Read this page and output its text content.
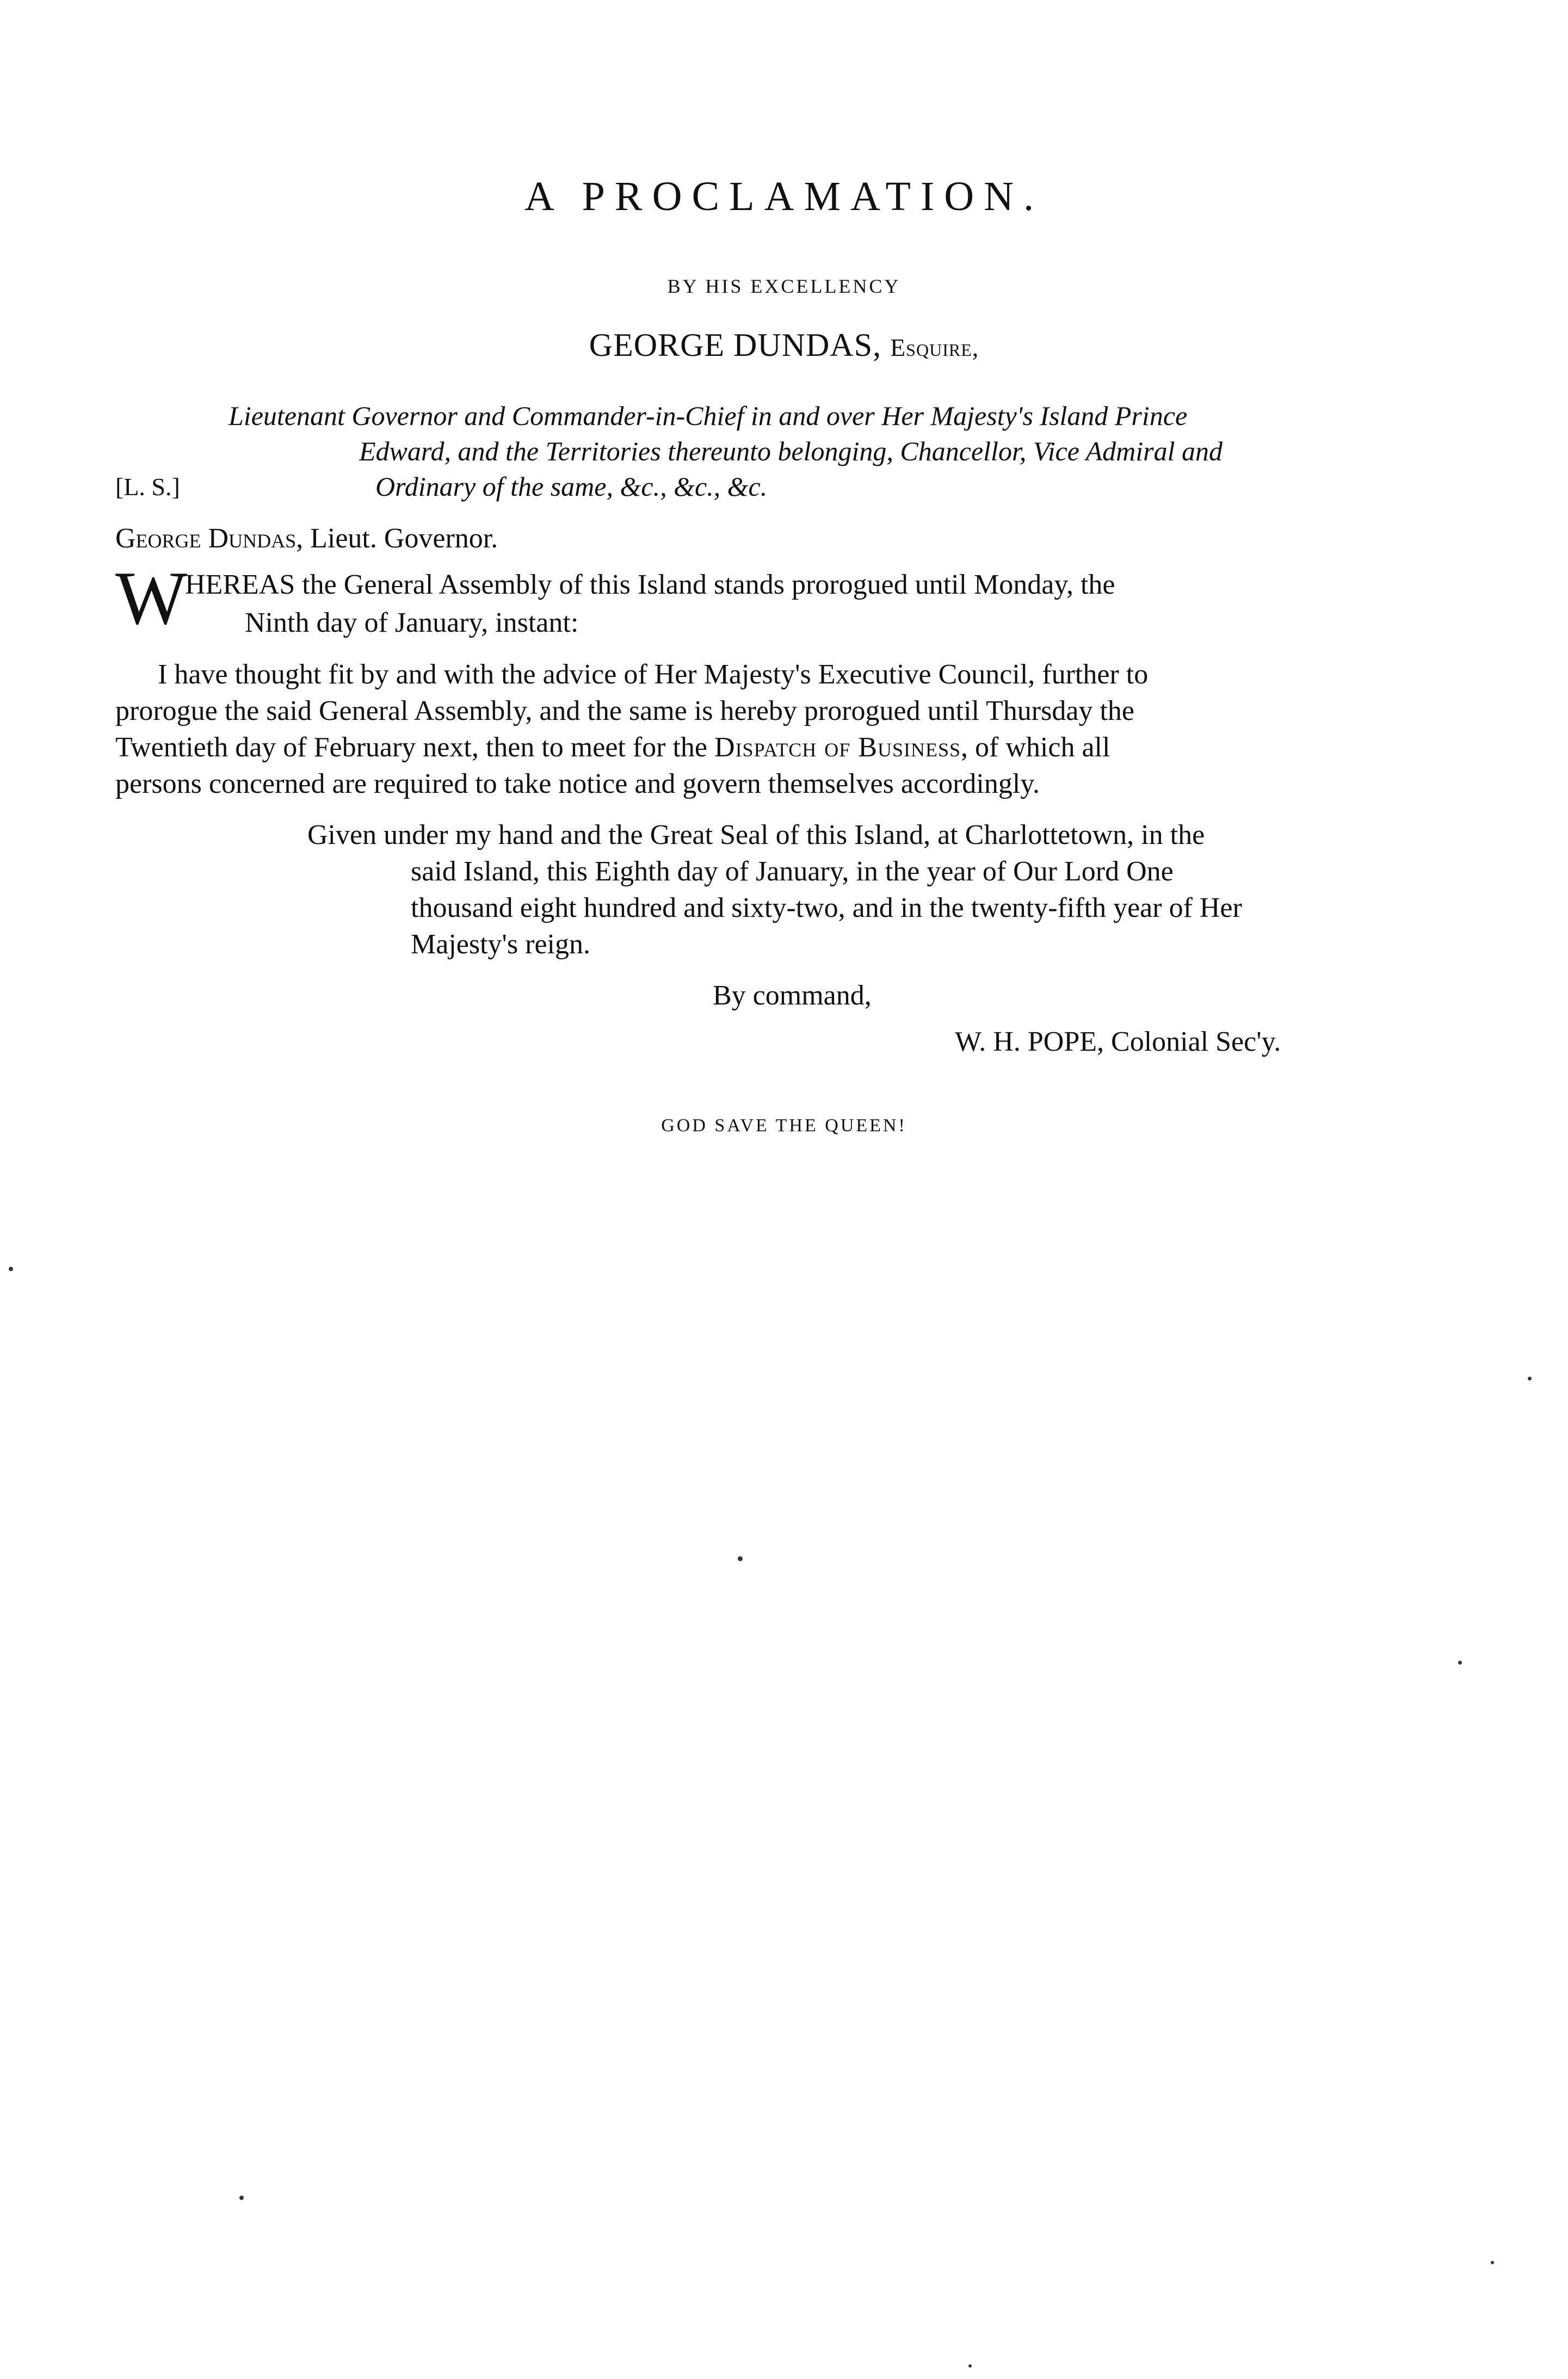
A PROCLAMATION.
BY HIS EXCELLENCY
GEORGE DUNDAS, Esquire,
Lieutenant Governor and Commander-in-Chief in and over Her Majesty's Island Prince
Edward, and the Territories thereunto belonging, Chancellor, Vice Admiral and
Ordinary of the same, &c., &c., &c.
[L. S.]
George Dundas, Lieut. Governor.
W
HEREAS the General Assembly of this Island stands prorogued until Monday, the
Ninth day of January, instant:
I have thought fit by and with the advice of Her Majesty's Executive Council, further to
prorogue the said General Assembly, and the same is hereby prorogued until Thursday the
Twentieth day of February next, then to meet for the Dispatch of Business, of which all
persons concerned are required to take notice and govern themselves accordingly.
Given under my hand and the Great Seal of this Island, at Charlottetown, in the
said Island, this Eighth day of January, in the year of Our Lord One
thousand eight hundred and sixty-two, and in the twenty-fifth year of Her
Majesty's reign.
By command,
W. H. POPE, Colonial Sec'y.
GOD SAVE THE QUEEN!
